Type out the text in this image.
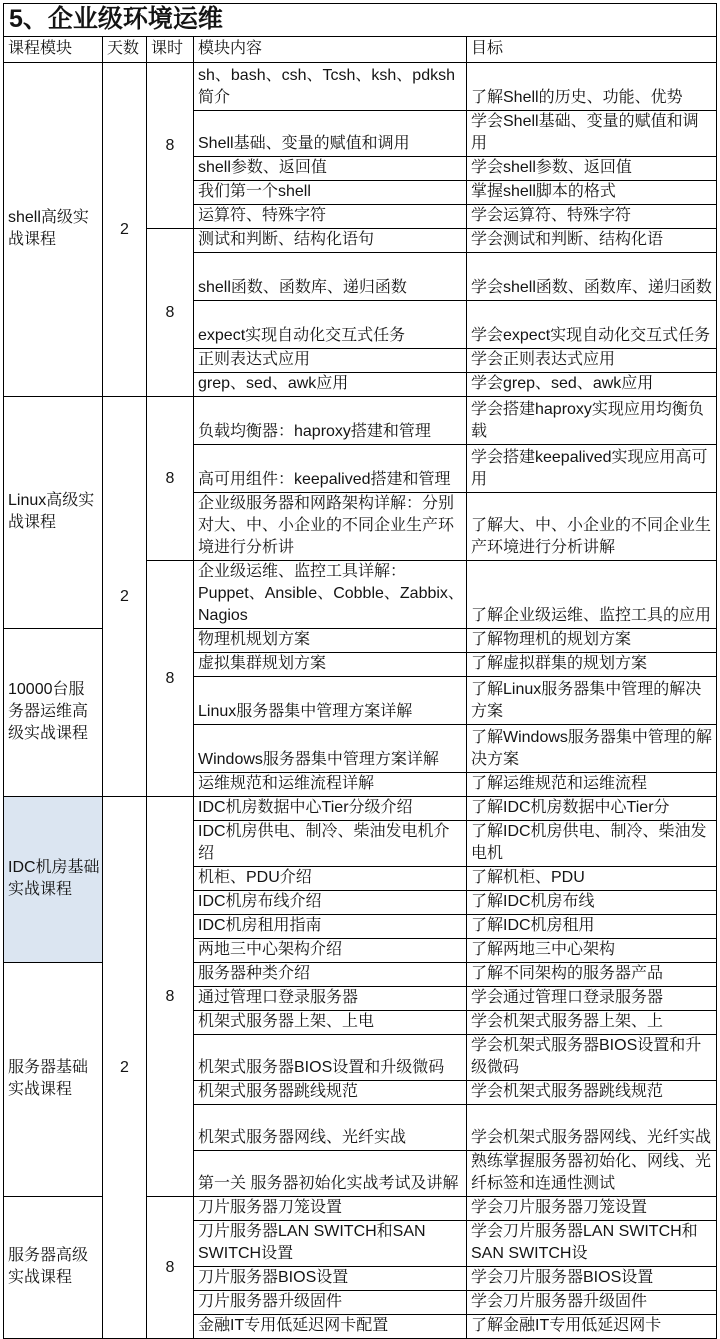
5、企业级环境运维				
课程模块	天数	课时	模块内容	目标
shell高级实战课程	2	8	sh、bash、csh、Tcsh、ksh、pdksh简介	了解Shell的历史、功能、优势
			Shell基础、变量的赋值和调用	学会Shell基础、变量的赋值和调用
			shell参数、返回值	学会shell参数、返回值
			我们第一个shell	掌握shell脚本的格式
			运算符、特殊字符	学会运算符、特殊字符
		8	测试和判断、结构化语句	学会测试和判断、结构化语
			shell函数、函数库、递归函数	学会shell函数、函数库、递归函数
			expect实现自动化交互式任务	学会expect实现自动化交互式任务
			正则表达式应用	学会正则表达式应用
			grep、sed、awk应用	学会grep、sed、awk应用
Linux高级实战课程	2	8	负载均衡器：haproxy搭建和管理	学会搭建haproxy实现应用均衡负载
			高可用组件：keepalived搭建和管理	学会搭建keepalived实现应用高可用
			企业级服务器和网路架构详解：分别对大、中、小企业的不同企业生产环境进行分析讲	了解大、中、小企业的不同企业生产环境进行分析讲解
		8	企业级运维、监控工具详解：Puppet、Ansible、Cobble、Zabbix、Nagios	了解企业级运维、监控工具的应用
10000台服务器运维高级实战课程			物理机规划方案	了解物理机的规划方案
			虚拟集群规划方案	了解虚拟群集的规划方案
			Linux服务器集中管理方案详解	了解Linux服务器集中管理的解决方案
			Windows服务器集中管理方案详解	了解Windows服务器集中管理的解决方案
			运维规范和运维流程详解	了解运维规范和运维流程
IDC机房基础实战课程	2	8	IDC机房数据中心Tier分级介绍	了解IDC机房数据中心Tier分
			IDC机房供电、制冷、柴油发电机介绍	了解IDC机房供电、制冷、柴油发电机
			机柜、PDU介绍	了解机柜、PDU
			IDC机房布线介绍	了解IDC机房布线
			IDC机房租用指南	了解IDC机房租用
			两地三中心架构介绍	了解两地三中心架构
服务器基础实战课程			服务器种类介绍	了解不同架构的服务器产品
			通过管理口登录服务器	学会通过管理口登录服务器
			机架式服务器上架、上电	学会机架式服务器上架、上
			机架式服务器BIOS设置和升级微码	学会机架式服务器BIOS设置和升级微码
			机架式服务器跳线规范	学会机架式服务器跳线规范
			机架式服务器网线、光纤实战	学会机架式服务器网线、光纤实战
			第一关 服务器初始化实战考试及讲解	熟练掌握服务器初始化、网线、光纤标签和连通性测试
服务器高级实战课程		8	刀片服务器刀笼设置	学会刀片服务器刀笼设置
			刀片服务器LAN SWITCH和SAN SWITCH设置	学会刀片服务器LAN SWITCH和SAN SWITCH设
			刀片服务器BIOS设置	学会刀片服务器BIOS设置
			刀片服务器升级固件	学会刀片服务器升级固件
			金融IT专用低延迟网卡配置	了解金融IT专用低延迟网卡
